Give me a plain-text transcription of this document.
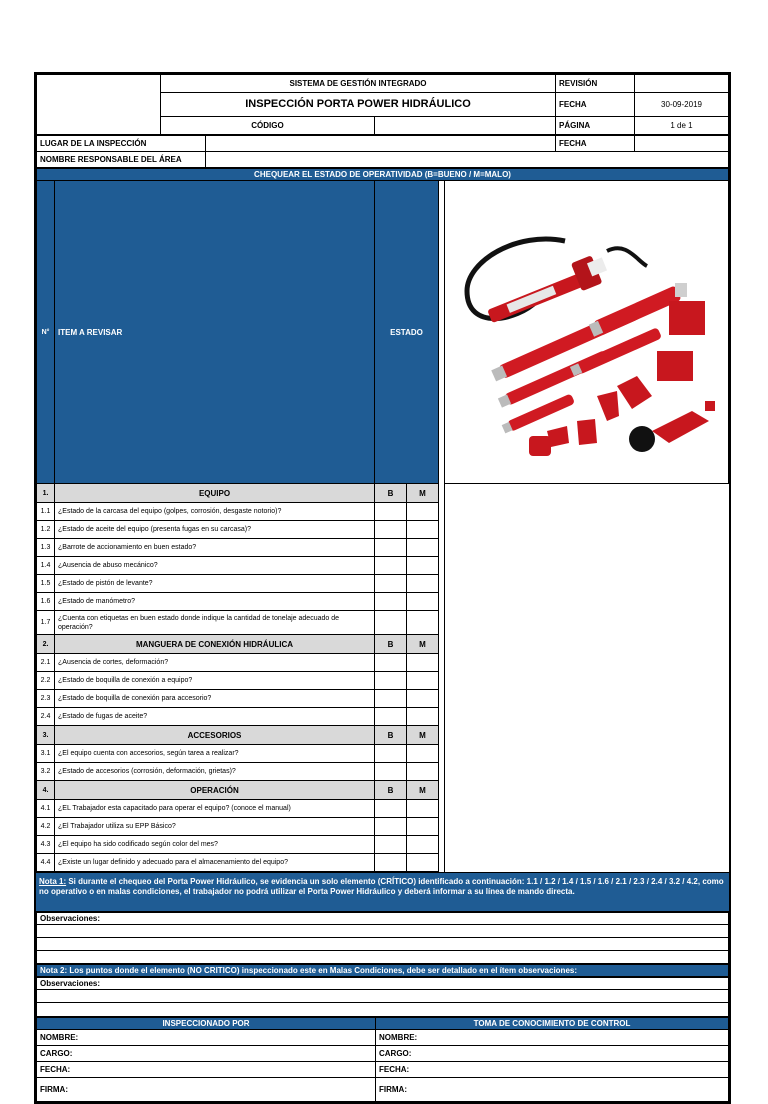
	SISTEMA DE GESTIÓN INTEGRADO		REVISIÓN	
	INSPECCIÓN PORTA POWER HIDRÁULICO		FECHA	30-09-2019
	CÓDIGO		PÁGINA	1 de 1
LUGAR DE LA INSPECCIÓN		FECHA	
NOMBRE RESPONSABLE DEL ÁREA			
CHEQUEAR EL ESTADO DE OPERATIVIDAD (B=BUENO / M=MALO)					
N°	ITEM A REVISAR	ESTADO		
1.	EQUIPO	B	M		
1.1	¿Estado de la carcasa del equipo (golpes, corrosión, desgaste notorio)?				
1.2	¿Estado de aceite del equipo (presenta fugas en su carcasa)?				
1.3	¿Barrote de accionamiento en buen estado?				
1.4	¿Ausencia de abuso mecánico?				
1.5	¿Estado de pistón de levante?				
1.6	¿Estado de manómetro?				
1.7	¿Cuenta con etiquetas en buen estado donde indique la cantidad de tonelaje adecuado de operación?				
2.	MANGUERA DE CONEXIÓN HIDRÁULICA	B	M		
2.1	¿Ausencia de cortes, deformación?				
2.2	¿Estado de boquilla de conexión a equipo?				
2.3	¿Estado de boquilla de conexión para accesorio?				
2.4	¿Estado de fugas de aceite?				
3.	ACCESORIOS	B	M		
3.1	¿El equipo cuenta con accesorios, según tarea a realizar?				
3.2	¿Estado de accesorios (corrosión, deformación, grietas)?				
4.	OPERACIÓN	B	M		
4.1	¿EL Trabajador esta capacitado para operar el equipo? (conoce el manual)				
4.2	¿El Trabajador utiliza su EPP Básico?				
4.3	¿El equipo ha sido codificado según color del mes?				
4.4	¿Existe un lugar definido y adecuado para el almacenamiento del equipo?				
Nota 1: Si durante el chequeo del Porta Power Hidráulico, se evidencia un solo elemento (CRÍTICO) identificado a continuación: 1.1 / 1.2 / 1.4 / 1.5 / 1.6 / 2.1 / 2.3 / 2.4 / 3.2 / 4.2, como no operativo o en malas condiciones, el trabajador no podrá utilizar el Porta Power Hidráulico y deberá informar a su línea de mando directa.
Observaciones:

Nota 2: Los puntos donde el elemento (NO CRITICO) inspeccionado este en Malas Condiciones, debe ser detallado en el ítem observaciones:
Observaciones:

INSPECCIONADO POR	TOMA DE CONOCIMIENTO DE CONTROL
NOMBRE:	NOMBRE:
CARGO:	CARGO:
FECHA:	FECHA:
FIRMA:	FIRMA:
